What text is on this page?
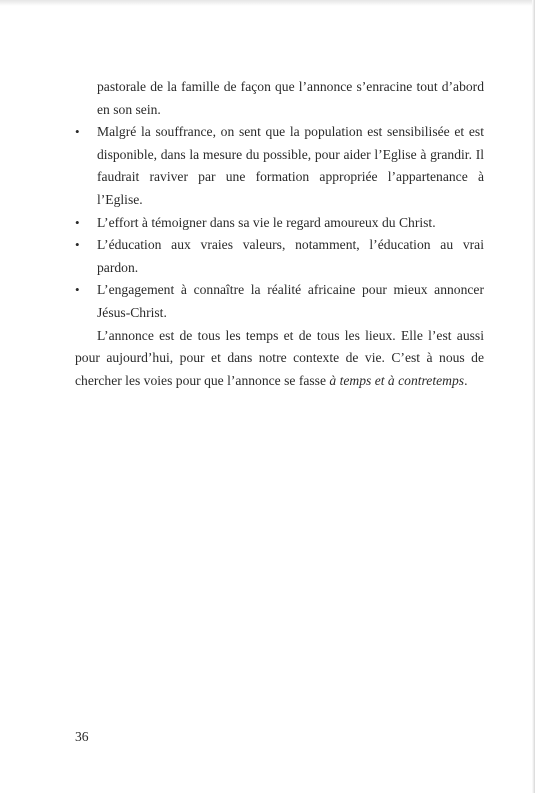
pastorale de la famille de façon que l’annonce s’enracine tout d’abord en son sein.

•	Malgré la souffrance, on sent que la population est sensibilisée et est disponible, dans la mesure du possible, pour aider l’Eglise à grandir. Il faudrait raviver par une formation appropriée l’appartenance à l’Eglise.
•	L’effort à témoigner dans sa vie le regard amoureux du Christ.
•	L’éducation aux vraies valeurs, notamment, l’éducation au vrai pardon.
•	L’engagement à connaître la réalité africaine pour mieux annoncer Jésus-Christ.

L’annonce est de tous les temps et de tous les lieux. Elle l’est aussi pour aujourd’hui, pour et dans notre contexte de vie. C’est à nous de chercher les voies pour que l’annonce se fasse à temps et à contretemps.

36
